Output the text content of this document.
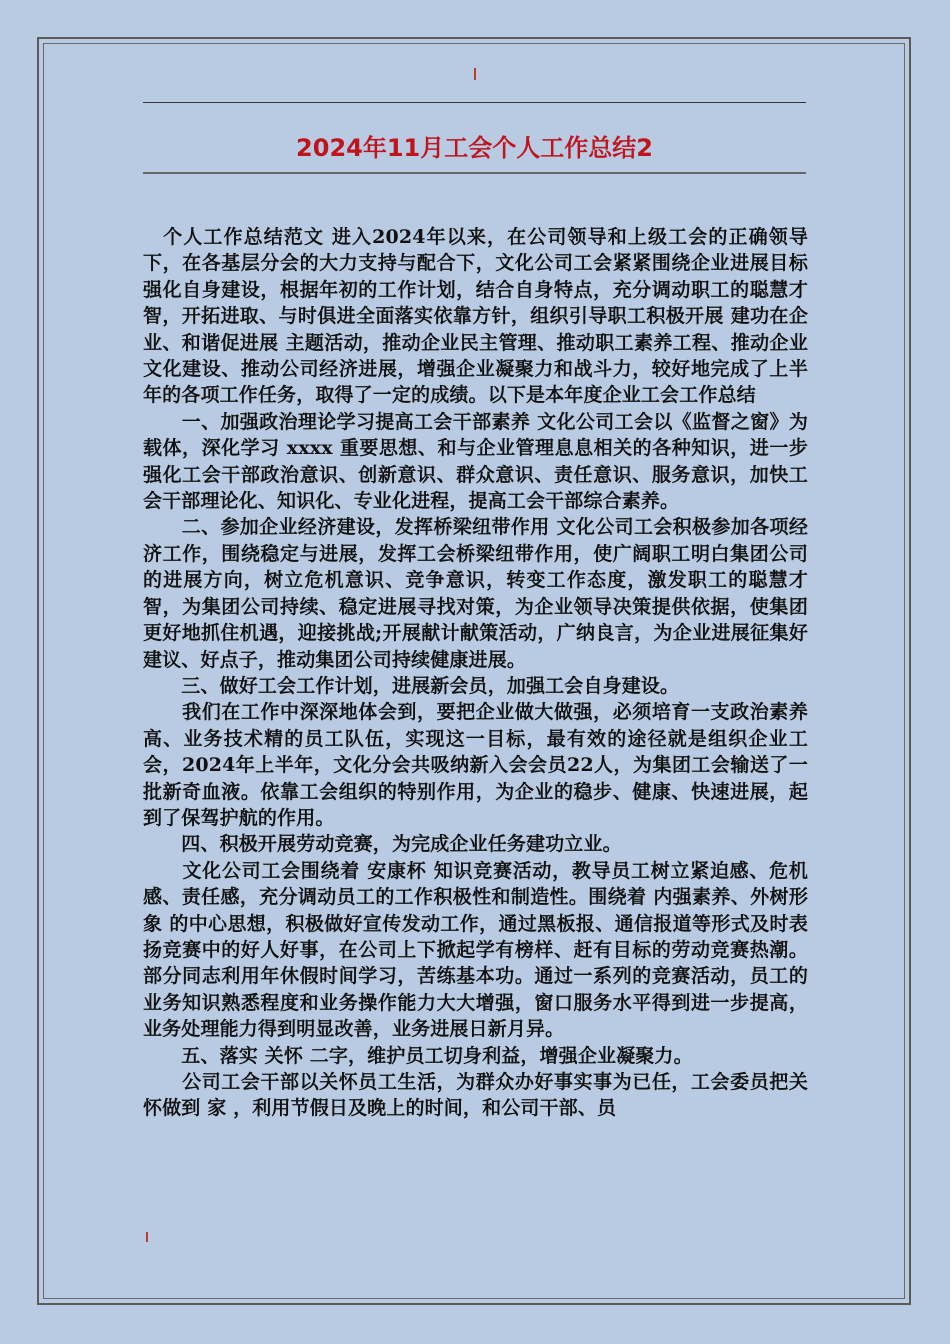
2024年11月工会个人工作总结2

　个人工作总结范文 进入2024年以来，在公司领导和上级工会的正确领导下，在各基层分会的大力支持与配合下，文化公司工会紧紧围绕企业进展目标强化自身建设，根据年初的工作计划，结合自身特点，充分调动职工的聪慧才智，开拓进取、与时俱进全面落实依靠方针，组织引导职工积极开展 建功在企业、和谐促进展 主题活动，推动企业民主管理、推动职工素养工程、推动企业文化建设、推动公司经济进展，增强企业凝聚力和战斗力，较好地完成了上半年的各项工作任务，取得了一定的成绩。以下是本年度企业工会工作总结

　　一、加强政治理论学习提高工会干部素养 文化公司工会以《监督之窗》为载体，深化学习 xxxx 重要思想、和与企业管理息息相关的各种知识，进一步强化工会干部政治意识、创新意识、群众意识、责任意识、服务意识，加快工会干部理论化、知识化、专业化进程，提高工会干部综合素养。

　　二、参加企业经济建设，发挥桥梁纽带作用 文化公司工会积极参加各项经济工作，围绕稳定与进展，发挥工会桥梁纽带作用，使广阔职工明白集团公司的进展方向，树立危机意识、竞争意识，转变工作态度，激发职工的聪慧才智，为集团公司持续、稳定进展寻找对策，为企业领导决策提供依据，使集团更好地抓住机遇，迎接挑战;开展献计献策活动，广纳良言，为企业进展征集好建议、好点子，推动集团公司持续健康进展。

　　三、做好工会工作计划，进展新会员，加强工会自身建设。

　　我们在工作中深深地体会到，要把企业做大做强，必须培育一支政治素养高、业务技术精的员工队伍，实现这一目标，最有效的途径就是组织企业工会，2024年上半年，文化分会共吸纳新入会会员22人，为集团工会输送了一批新奇血液。依靠工会组织的特别作用，为企业的稳步、健康、快速进展，起到了保驾护航的作用。

　　四、积极开展劳动竞赛，为完成企业任务建功立业。

　　文化公司工会围绕着 安康杯 知识竞赛活动，教导员工树立紧迫感、危机感、责任感，充分调动员工的工作积极性和制造性。围绕着 内强素养、外树形象 的中心思想，积极做好宣传发动工作，通过黑板报、通信报道等形式及时表扬竞赛中的好人好事，在公司上下掀起学有榜样、赶有目标的劳动竞赛热潮。部分同志利用年休假时间学习，苦练基本功。通过一系列的竞赛活动，员工的业务知识熟悉程度和业务操作能力大大增强，窗口服务水平得到进一步提高，业务处理能力得到明显改善，业务进展日新月异。

　　五、落实 关怀 二字，维护员工切身利益，增强企业凝聚力。

　　公司工会干部以关怀员工生活，为群众办好事实事为已任，工会委员把关怀做到 家 ，利用节假日及晚上的时间，和公司干部、员
